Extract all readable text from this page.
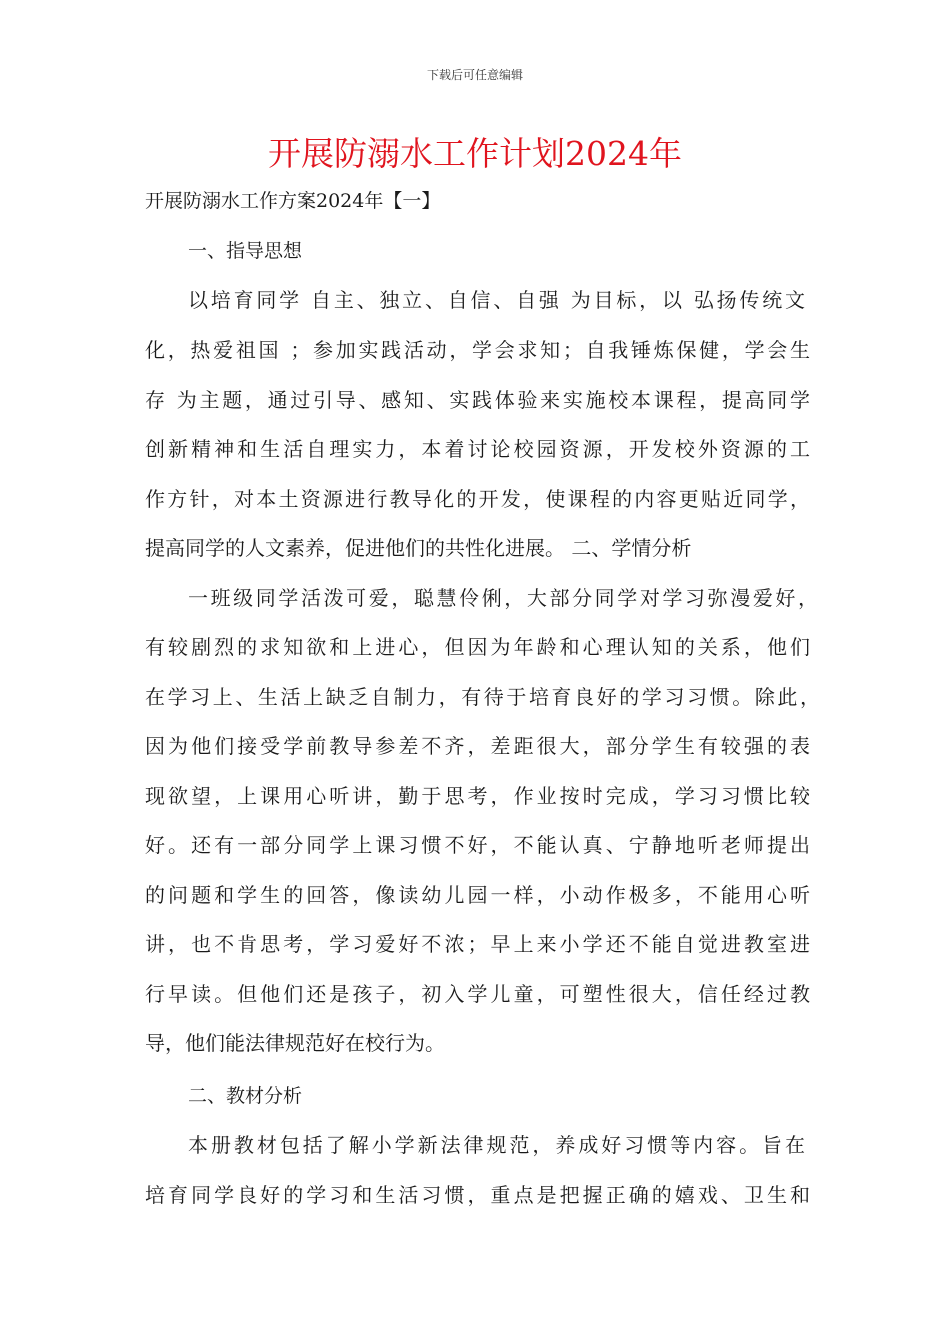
下载后可任意编辑
开展防溺水工作计划2024年

开展防溺水工作方案2024年【一】

一、指导思想

以培育同学 自主、独立、自信、自强 为目标，以 弘扬传统文

化，热爱祖国 ；参加实践活动，学会求知；自我锤炼保健，学会生

存 为主题，通过引导、感知、实践体验来实施校本课程，提高同学

创新精神和生活自理实力，本着讨论校园资源，开发校外资源的工

作方针，对本土资源进行教导化的开发，使课程的内容更贴近同学，

提高同学的人文素养，促进他们的共性化进展。 二、学情分析

一班级同学活泼可爱，聪慧伶俐，大部分同学对学习弥漫爱好，

有较剧烈的求知欲和上进心，但因为年龄和心理认知的关系，他们

在学习上、生活上缺乏自制力，有待于培育良好的学习习惯。除此，

因为他们接受学前教导参差不齐，差距很大，部分学生有较强的表

现欲望，上课用心听讲，勤于思考，作业按时完成，学习习惯比较

好。还有一部分同学上课习惯不好，不能认真、宁静地听老师提出

的问题和学生的回答，像读幼儿园一样，小动作极多，不能用心听

讲，也不肯思考，学习爱好不浓；早上来小学还不能自觉进教室进

行早读。但他们还是孩子，初入学儿童，可塑性很大，信任经过教

导，他们能法律规范好在校行为。

二、教材分析

本册教材包括了解小学新法律规范，养成好习惯等内容。旨在

培育同学良好的学习和生活习惯，重点是把握正确的嬉戏、卫生和
